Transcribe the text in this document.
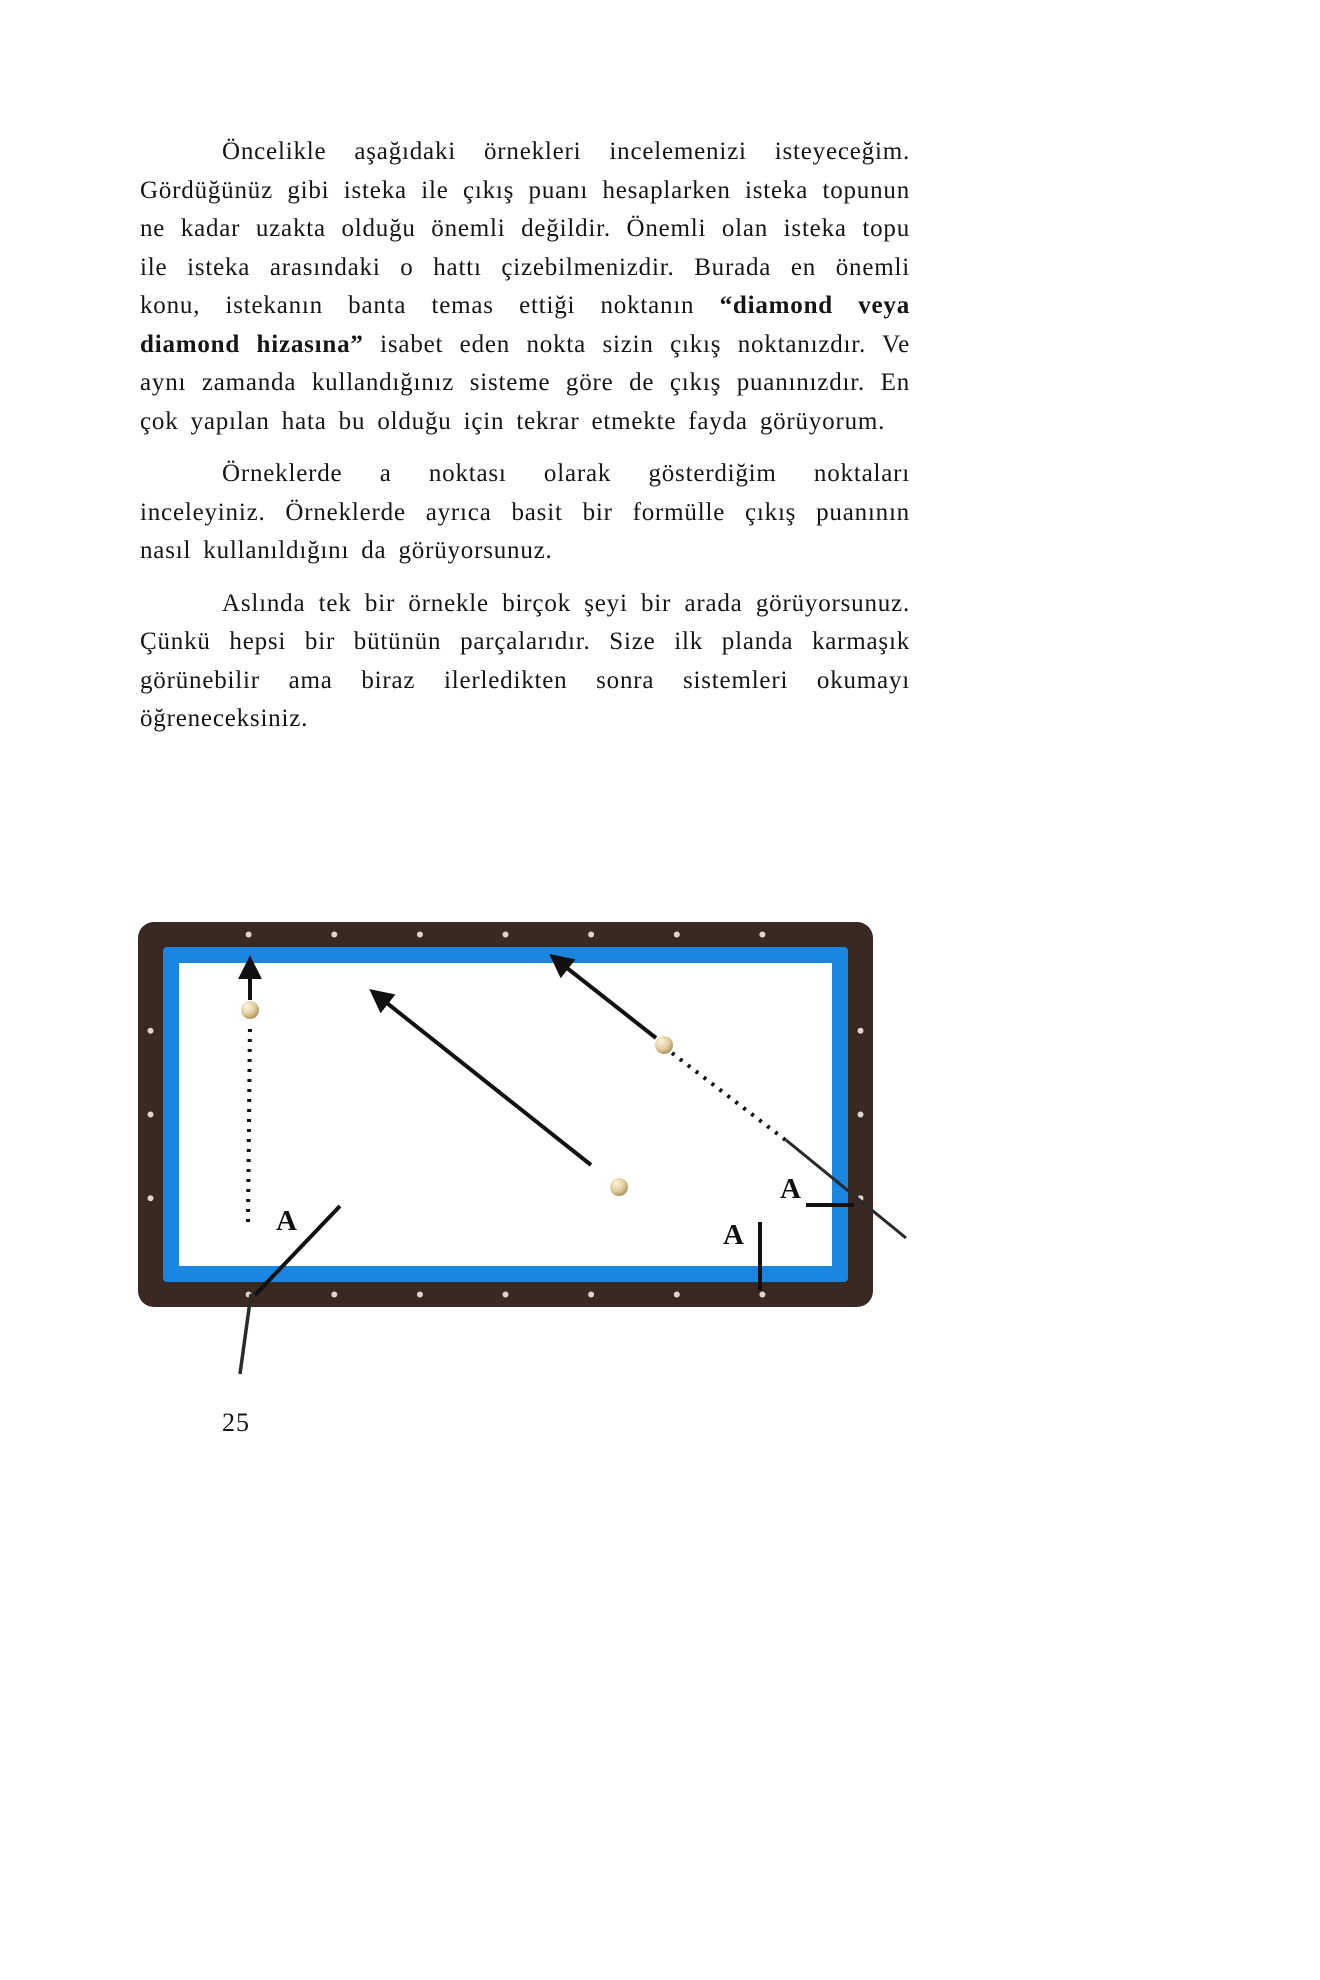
Öncelikle aşağıdaki örnekleri incelemenizi isteyeceğim. Gördüğünüz gibi isteka ile çıkış puanı hesaplarken isteka topunun ne kadar uzakta olduğu önemli değildir. Önemli olan isteka topu ile isteka arasındaki o hattı çizebilmenizdir. Burada en önemli konu, istekanın banta temas ettiği noktanın “diamond veya diamond hizasına” isabet eden nokta sizin çıkış noktanızdır. Ve aynı zamanda kullandığınız sisteme göre de çıkış puanınızdır. En çok yapılan hata bu olduğu için tekrar etmekte fayda görüyorum.

Örneklerde a noktası olarak gösterdiğim noktaları inceleyiniz. Örneklerde ayrıca basit bir formülle çıkış puanının nasıl kullanıldığını da görüyorsunuz.

Aslında tek bir örnekle birçok şeyi bir arada görüyorsunuz. Çünkü hepsi bir bütünün parçalarıdır. Size ilk planda karmaşık görünebilir ama biraz ilerledikten sonra sistemleri okumayı öğreneceksiniz.

A	A
A
25
